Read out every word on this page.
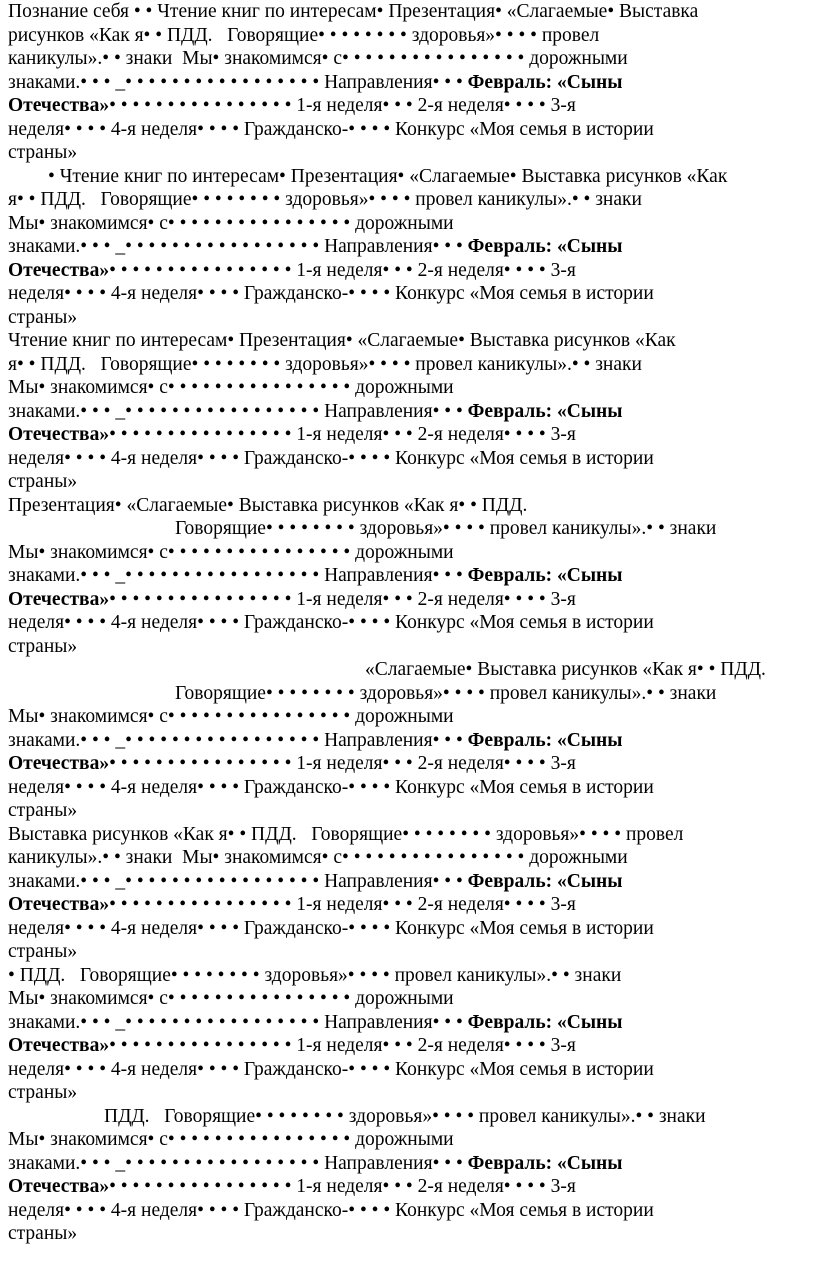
Познание себя • • Чтение книг по интересам• Презентация• «Слагаемые• Выставка
рисунков «Как я• • ПДД.   Говорящие• • • • • • • • здоровья»• • • • провел
каникулы».• • знаки  Мы• знакомимся• с• • • • • • • • • • • • • • • • дорожными
знаками.• • • _• • • • • • • • • • • • • • • • • Направления• • • Февраль: «Сыны
Отечества»• • • • • • • • • • • • • • • • 1-я неделя• • • 2-я неделя• • • • 3-я
неделя• • • • 4-я неделя• • • • Гражданско-• • • • Конкурс «Моя семья в истории
страны»
• Чтение книг по интересам• Презентация• «Слагаемые• Выставка рисунков «Как
я• • ПДД.   Говорящие• • • • • • • • здоровья»• • • • провел каникулы».• • знаки
Мы• знакомимся• с• • • • • • • • • • • • • • • • дорожными
знаками.• • • _• • • • • • • • • • • • • • • • • Направления• • • Февраль: «Сыны
Отечества»• • • • • • • • • • • • • • • • 1-я неделя• • • 2-я неделя• • • • 3-я
неделя• • • • 4-я неделя• • • • Гражданско-• • • • Конкурс «Моя семья в истории
страны»
Чтение книг по интересам• Презентация• «Слагаемые• Выставка рисунков «Как
я• • ПДД.   Говорящие• • • • • • • • здоровья»• • • • провел каникулы».• • знаки
Мы• знакомимся• с• • • • • • • • • • • • • • • • дорожными
знаками.• • • _• • • • • • • • • • • • • • • • • Направления• • • Февраль: «Сыны
Отечества»• • • • • • • • • • • • • • • • 1-я неделя• • • 2-я неделя• • • • 3-я
неделя• • • • 4-я неделя• • • • Гражданско-• • • • Конкурс «Моя семья в истории
страны»
Презентация• «Слагаемые• Выставка рисунков «Как я• • ПДД.
Говорящие• • • • • • • • здоровья»• • • • провел каникулы».• • знаки
Мы• знакомимся• с• • • • • • • • • • • • • • • • дорожными
знаками.• • • _• • • • • • • • • • • • • • • • • Направления• • • Февраль: «Сыны
Отечества»• • • • • • • • • • • • • • • • 1-я неделя• • • 2-я неделя• • • • 3-я
неделя• • • • 4-я неделя• • • • Гражданско-• • • • Конкурс «Моя семья в истории
страны»
«Слагаемые• Выставка рисунков «Как я• • ПДД.
Говорящие• • • • • • • • здоровья»• • • • провел каникулы».• • знаки
Мы• знакомимся• с• • • • • • • • • • • • • • • • дорожными
знаками.• • • _• • • • • • • • • • • • • • • • • Направления• • • Февраль: «Сыны
Отечества»• • • • • • • • • • • • • • • • 1-я неделя• • • 2-я неделя• • • • 3-я
неделя• • • • 4-я неделя• • • • Гражданско-• • • • Конкурс «Моя семья в истории
страны»
Выставка рисунков «Как я• • ПДД.   Говорящие• • • • • • • • здоровья»• • • • провел
каникулы».• • знаки  Мы• знакомимся• с• • • • • • • • • • • • • • • • дорожными
знаками.• • • _• • • • • • • • • • • • • • • • • Направления• • • Февраль: «Сыны
Отечества»• • • • • • • • • • • • • • • • 1-я неделя• • • 2-я неделя• • • • 3-я
неделя• • • • 4-я неделя• • • • Гражданско-• • • • Конкурс «Моя семья в истории
страны»
• ПДД.   Говорящие• • • • • • • • здоровья»• • • • провел каникулы».• • знаки
Мы• знакомимся• с• • • • • • • • • • • • • • • • дорожными
знаками.• • • _• • • • • • • • • • • • • • • • • Направления• • • Февраль: «Сыны
Отечества»• • • • • • • • • • • • • • • • 1-я неделя• • • 2-я неделя• • • • 3-я
неделя• • • • 4-я неделя• • • • Гражданско-• • • • Конкурс «Моя семья в истории
страны»
ПДД.   Говорящие• • • • • • • • здоровья»• • • • провел каникулы».• • знаки
Мы• знакомимся• с• • • • • • • • • • • • • • • • дорожными
знаками.• • • _• • • • • • • • • • • • • • • • • Направления• • • Февраль: «Сыны
Отечества»• • • • • • • • • • • • • • • • 1-я неделя• • • 2-я неделя• • • • 3-я
неделя• • • • 4-я неделя• • • • Гражданско-• • • • Конкурс «Моя семья в истории
страны»
